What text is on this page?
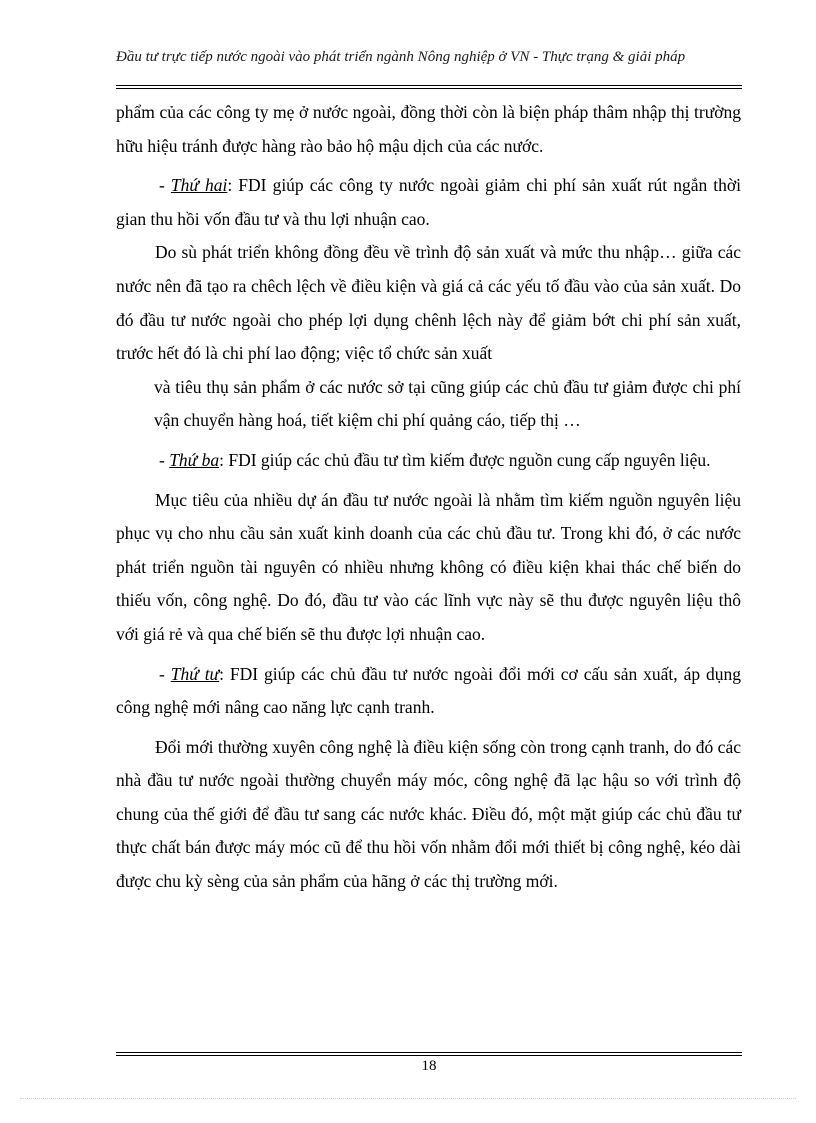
Đầu tư trực tiếp nước ngoài vào phát triển ngành Nông nghiệp ở VN - Thực trạng & giải pháp

phẩm của các công ty mẹ ở nước ngoài, đồng thời còn là biện pháp thâm nhập thị trường hữu hiệu tránh được hàng rào bảo hộ mậu dịch của các nước.

- Thứ hai: FDI giúp các công ty nước ngoài giảm chi phí sản xuất rút ngắn thời gian thu hồi vốn đầu tư và thu lợi nhuận cao.

Do sù phát triển không đồng đều về trình độ sản xuất và mức thu nhập… giữa các nước nên đã tạo ra chêch lệch về điều kiện và giá cả các yếu tố đầu vào của sản xuất. Do đó đầu tư nước ngoài cho phép lợi dụng chênh lệch này để giảm bớt chi phí sản xuất, trước hết đó là chi phí lao động; việc tổ chức sản xuất

và tiêu thụ sản phẩm ở các nước sở tại cũng giúp các chủ đầu tư giảm được chi phí vận chuyển hàng hoá, tiết kiệm chi phí quảng cáo, tiếp thị …

- Thứ ba: FDI giúp các chủ đầu tư tìm kiếm được nguồn cung cấp nguyên liệu.

Mục tiêu của nhiều dự án đầu tư nước ngoài là nhằm tìm kiếm nguồn nguyên liệu phục vụ cho nhu cầu sản xuất kinh doanh của các chủ đầu tư. Trong khi đó, ở các nước phát triển nguồn tài nguyên có nhiều nhưng không có điều kiện khai thác chế biến do thiếu vốn, công nghệ. Do đó, đầu tư vào các lĩnh vực này sẽ thu được nguyên liệu thô với giá rẻ và qua chế biến sẽ thu được lợi nhuận cao.

- Thứ tư: FDI giúp các chủ đầu tư nước ngoài đổi mới cơ cấu sản xuất, áp dụng công nghệ mới nâng cao năng lực cạnh tranh.

Đổi mới thường xuyên công nghệ là điều kiện sống còn trong cạnh tranh, do đó các nhà đầu tư nước ngoài thường chuyển máy móc, công nghệ đã lạc hậu so với trình độ chung của thế giới để đầu tư sang các nước khác. Điều đó, một mặt giúp các chủ đầu tư thực chất bán được máy móc cũ để thu hồi vốn nhằm đổi mới thiết bị công nghệ, kéo dài được chu kỳ sèng của sản phẩm của hãng ở các thị trường mới.

18
